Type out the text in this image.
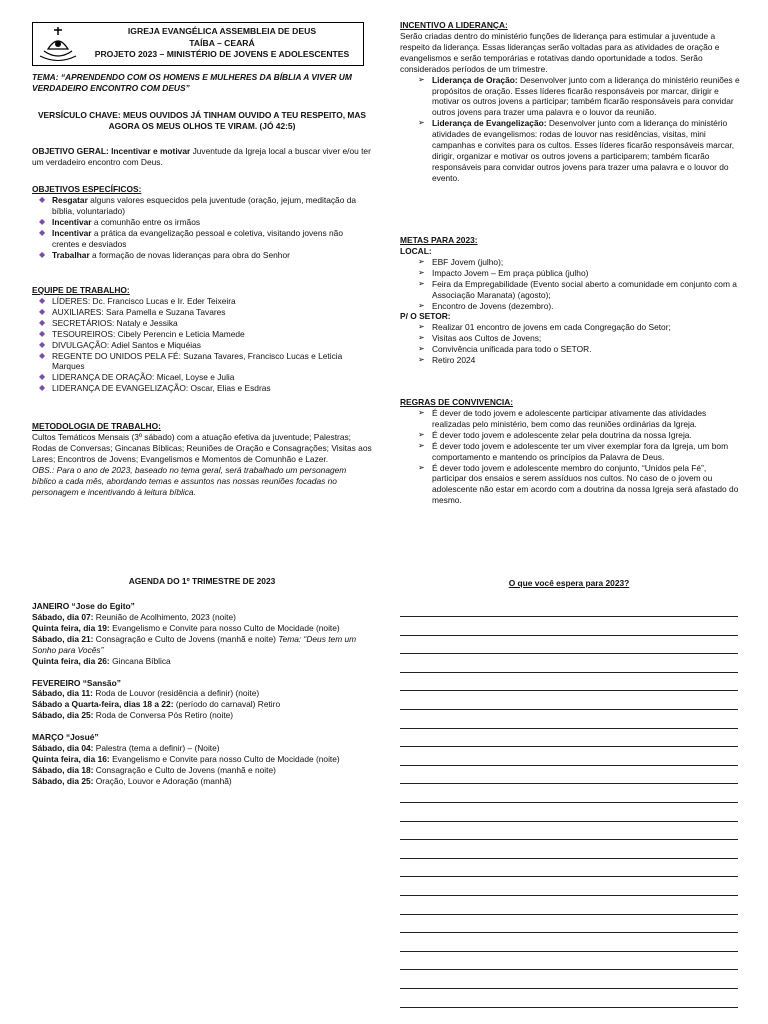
IGREJA EVANGÉLICA ASSEMBLEIA DE DEUS
TAÍBA – CEARÁ
PROJETO 2023 – MINISTÉRIO DE JOVENS E ADOLESCENTES

TEMA: “APRENDENDO COM OS HOMENS E MULHERES DA BÍBLIA A VIVER UM VERDADEIRO ENCONTRO COM DEUS”

VERSÍCULO CHAVE: MEUS OUVIDOS JÁ TINHAM OUVIDO A TEU RESPEITO, MAS AGORA OS MEUS OLHOS TE VIRAM. (JÓ 42:5)

OBJETIVO GERAL: Incentivar e motivar Juventude da Igreja local a buscar viver e/ou ter um verdadeiro encontro com Deus.

OBJETIVOS ESPECÍFICOS:

◆ Resgatar alguns valores esquecidos pela juventude (oração, jejum, meditação da bíblia, voluntariado)
◆ Incentivar a comunhão entre os irmãos
◆ Incentivar a prática da evangelização pessoal e coletiva, visitando jovens não crentes e desviados
◆ Trabalhar a formação de novas lideranças para obra do Senhor

EQUIPE DE TRABALHO:

◆ LÍDERES: Dc. Francisco Lucas e Ir. Eder Teixeira
◆ AUXILIARES: Sara Pamella e Suzana Tavares
◆ SECRETÁRIOS: Nataly e Jessika
◆ TESOUREIROS: Cibely Perencin e Leticia Mamede
◆ DIVULGAÇÃO: Adiel Santos e Miquéias
◆ REGENTE DO UNIDOS PELA FÉ: Suzana Tavares, Francisco Lucas e Leticia Marques
◆ LIDERANÇA DE ORAÇÃO: Micael, Loyse e Julia
◆ LIDERANÇA DE EVANGELIZAÇÃO: Oscar, Elias e Esdras

METODOLOGIA DE TRABALHO:

Cultos Temáticos Mensais (3º sábado) com a atuação efetiva da juventude; Palestras; Rodas de Conversas; Gincanas Bíblicas; Reuniões de Oração e Consagrações; Visitas aos Lares; Encontros de Jovens; Evangelismos e Momentos de Comunhão e Lazer.

OBS.: Para o ano de 2023, baseado no tema geral, será trabalhado um personagem bíblico a cada mês, abordando temas e assuntos nas nossas reuniões focadas no personagem e incentivando à leitura bíblica.

INCENTIVO A LIDERANÇA:

Serão criadas dentro do ministério funções de liderança para estimular a juventude a respeito da liderança. Essas lideranças serão voltadas para as atividades de oração e evangelismos e serão temporárias e rotativas dando oportunidade a todos. Serão considerados períodos de um trimestre.

➢ Liderança de Oração: Desenvolver junto com a liderança do ministério reuniões e propósitos de oração. Esses líderes ficarão responsáveis por marcar, dirigir e motivar os outros jovens a participar; também ficarão responsáveis para convidar outros jovens para trazer uma palavra e o louvor da reunião.
➢ Liderança de Evangelização: Desenvolver junto com a liderança do ministério atividades de evangelismos: rodas de louvor nas residências, visitas, mini campanhas e convites para os cultos. Esses líderes ficarão responsáveis marcar, dirigir, organizar e motivar os outros jovens a participarem; também ficarão responsáveis para convidar outros jovens para trazer uma palavra e o louvor do evento.

METAS PARA 2023:

LOCAL:

➢ EBF Jovem (julho);
➢ Impacto Jovem – Em praça pública (julho)
➢ Feira da Empregabilidade (Evento social aberto a comunidade em conjunto com a Associação Maranata) (agosto);
➢ Encontro de Jovens (dezembro).

P/ O SETOR:

➢ Realizar 01 encontro de jovens em cada Congregação do Setor;
➢ Visitas aos Cultos de Jovens;
➢ Convivência unificada para todo o SETOR.
➢ Retiro 2024

REGRAS DE CONVIVENCIA:

➢ É dever de todo jovem e adolescente participar ativamente das atividades realizadas pelo ministério, bem como das reuniões ordinárias da Igreja.
➢ É dever todo jovem e adolescente zelar pela doutrina da nossa Igreja.
➢ É dever todo jovem e adolescente ter um viver exemplar fora da Igreja, um bom comportamento e mantendo os princípios da Palavra de Deus.
➢ É dever todo jovem e adolescente membro do conjunto, “Unidos pela Fé”, participar dos ensaios e serem assíduos nos cultos. No caso de o jovem ou adolescente não estar em acordo com a doutrina da nossa Igreja será afastado do mesmo.

AGENDA DO 1º TRIMESTRE DE 2023

JANEIRO “Jose do Egito”

Sábado, dia 07: Reunião de Acolhimento, 2023 (noite)

Quinta feira, dia 19: Evangelismo e Convite para nosso Culto de Mocidade (noite)

Sábado, dia 21: Consagração e Culto de Jovens (manhã e noite) Tema: “Deus tem um Sonho para Vocês”

Quinta feira, dia 26: Gincana Bíblica

FEVEREIRO “Sansão”

Sábado, dia 11: Roda de Louvor (residência a definir) (noite)

Sábado a Quarta-feira, dias 18 a 22: (período do carnaval) Retiro

Sábado, dia 25: Roda de Conversa Pós Retiro (noite)

MARÇO “Josué”

Sábado, dia 04: Palestra (tema a definir) – (Noite)

Quinta feira, dia 16: Evangelismo e Convite para nosso Culto de Mocidade (noite)

Sábado, dia 18: Consagração e Culto de Jovens (manhã e noite)

Sábado, dia 25: Oração, Louvor e Adoração (manhã)

O que você espera para 2023?
